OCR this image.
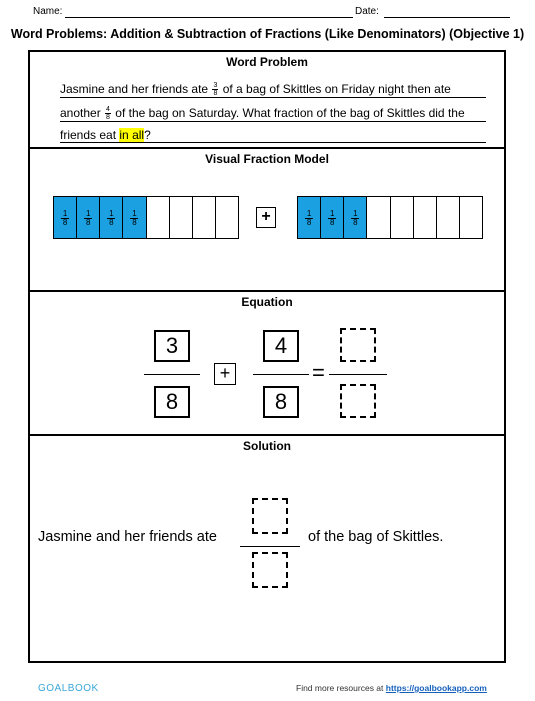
Name:	Date:
Word Problems: Addition & Subtraction of Fractions (Like Denominators) (Objective 1)
Word Problem
Jasmine and her friends ate $\frac{3}{8}$ of a bag of Skittles on Friday night then ate
another $\frac{4}{8}$ of the bag on Saturday. What fraction of the bag of Skittles did the
friends eat in all?
Visual Fraction Model
$\frac{1}{8} \frac{1}{8} \frac{1}{8} \frac{1}{8}$	+	$\frac{1}{8} \frac{1}{8} \frac{1}{8}$
Equation
3
8
+
4
8
=
Solution
Jasmine and her friends ate	of the bag of Skittles.
GOALBOOK	Find more resources at https://goalbookapp.com
